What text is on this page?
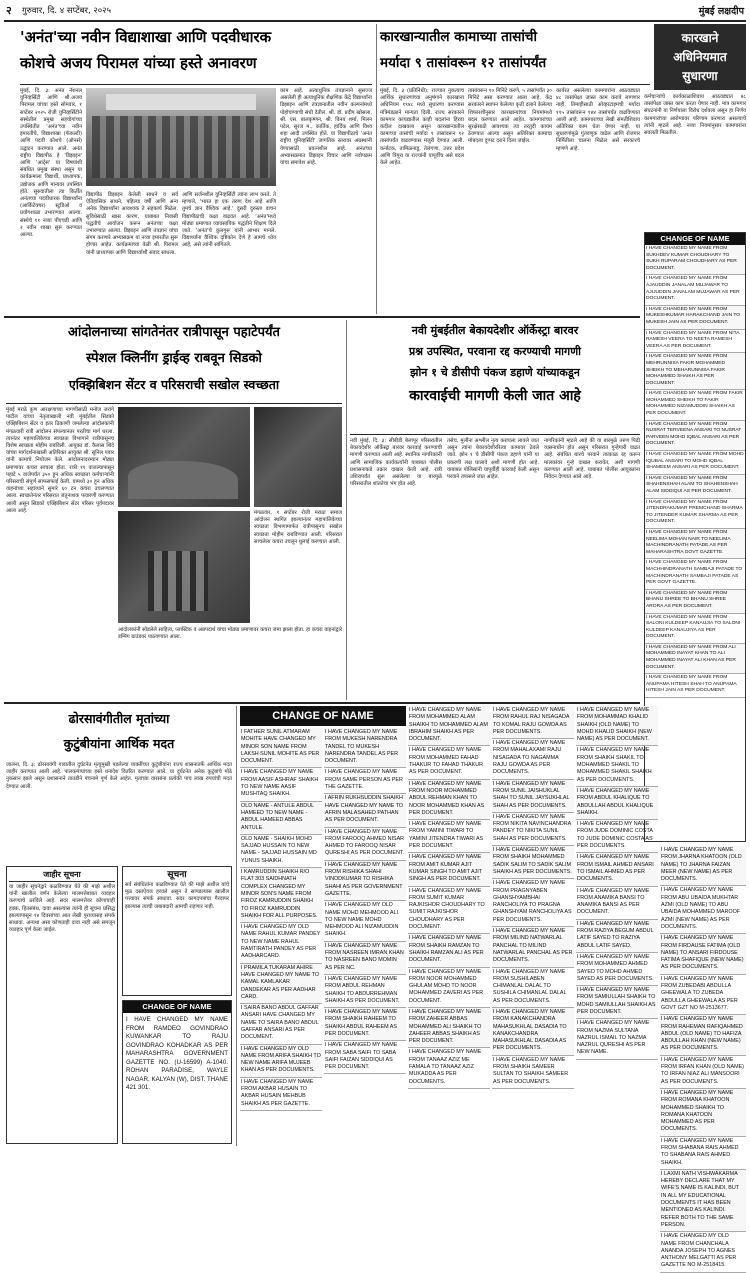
२ गुरुवार, दि. ४ सप्टेंबर, २०२५	मुंबई लक्षदीप
'अनंत'च्या नवीन विद्याशाखा आणि पदवीधारक
कोशचे अजय पिरामल यांच्या हस्ते अनावरण

मुंबई, दि. ३: अनंत नॅशनल युनिव्हर्सिटी आणि श्री.अजय पिरामल यांच्या हस्ते सोमवार, १ सप्टेंबर २०२५ रोजी युनिव्हर्सिटीने संस्थेतील प्रमुख सहयोगांच्या उपस्थितीत 'अनंत'च्या नवीन इमारतीचे, विद्याशाखा (फॅकल्टी) आणि पदवी कोशचे (ऑनर्स) उद्घाटन करण्यात आले. अनंत राष्ट्रीय विद्यापीठ हे 'डिझाइन' आणि 'आर्ट्स' या विषयांशी संबंधित प्रमुख संस्था असून या कार्यक्रमाला विद्यार्थी, प्राध्यापक, उद्योजक आणि मान्यवर उपस्थित होते. सुरुवातीला त्या किर्तीत अनंतच्या पदवीधारक विद्यार्थ्यांना (आर्किटेक्चर) स्टुडिओ व प्रयोगशाळा उभारण्यात आल्या. संस्थेचे ११ नव्या पीएचडी आणि २ नवीन शाखा सुरू करण्यात आल्या.

विद्यापीठ डिझाइन केलेली साधने व सर्व ऐतिहासिक साधने, पहिल्या वर्षी आणि अन्य अनेक विद्यार्थ्यांना आवश्यक ते सहकार्य मिळेल. सुविधेसाठी खास कारण, याबाबत निवासी पद्धतीचे आयोजन करून अनंतच्या कक्षा उभारण्यात आल्या. डिझाइन आणि तंत्रज्ञान यांचा संगम करणारे अभ्यासक्रम या नव्या इमारतीत सुरू होणार आहेत. कार्यक्रमाच्या वेळी श्री. पिरामल यांनी प्राध्यापक आणि विद्यार्थ्यांशी संवाद साधला.

आणि सर्जनशील युनिव्हर्सिटी त्यांना लाभ करते. ते म्हणाले, 'भारत हा एक तरुण देश आहे आणि तुमचे ज्ञान वैश्विक आहे.' दुसरी दुरुस्ता वाचन विद्यापीठाची कक्षा वाढवत आहे. 'अनंत'मध्ये मोठ्या प्रमाणात व्यावसायिक पद्धतीने शिक्षण दिले जाते. 'अनंत'चे कुलगुरू यांनी आभार मानले. विद्यार्थ्यांना वैश्विक दृष्टिकोन देणे हे आमचे ध्येय आहे, असे त्यांनी सांगितले.

काम आहे. अत्याधुनिक तंत्रज्ञानाने सुसज्ज असलेली ही अत्याधुनिक शैक्षणिक केंद्रे विद्यार्थ्यांना डिझाइन आणि तंत्रज्ञानातील नवीन कल्पनांमध्ये पोहोचण्याची संधी देतील. श्री. डॉ. प्रदीप खोसला, श्री. एस. बालकृष्णन, श्री. विनय शर्मा, मिलन पटेल, सुरज म., कार्तिक, हार्दिक आणि विश्व शहा आदी उपस्थित होते. या विद्यापीठाचे 'अनंत राष्ट्रीय युनिव्हर्सिटी' जागतिक स्तरावर अग्रस्थानी येण्यासाठी प्रयत्नशील आहे. अनंतच्या अभ्यासक्रमात डिझाइन विचार आणि नवोपक्रम यांचा समावेश आहे.

कारखान्यातील कामाच्या तासांची
मर्यादा ९ तासांवरून १२ तासांपर्यंत
कारखाने
अधिनियमात
सुधारणा

मुंबई, दि. ३ (प्रतिनिधी): राज्यात नुकत्याच आर्थिक सुधारणांच्या अनुषंगाने कारखाना अधिनियम १९४८ मध्ये सुधारणा करण्यास मंत्रिमंडळाने मान्यता दिली. राज्य सरकारने कामगार कायद्यातील काही बदलांना हिरवा कंदील दाखवला असून कारखान्यातील कामाच्या तासांची मर्यादा ९ तासांवरून १२ तासांपर्यंत वाढवण्यास मंजुरी देण्यात आली. कर्नाटक, तामिळनाडू, तेलंगणा, उत्तर प्रदेश आणि त्रिपुरा या राज्यांनी यापूर्वीच असे बदल केले आहेत.

तासांवरून १० मिनिटे करणे, ५ तासांपर्यंत ३० मिनिटे असा करण्यात आला आहे. केंद्र सरकारने स्थापन केलेल्या कृती दलाने केलेल्या शिफारशीनुसार कारखान्यांच्या नियमांमध्ये बदल करण्यात आले आहेत. कामगारांच्या सुरक्षेसाठी आवश्यक त्या तरतुदी कायम ठेवण्यात आल्या असून अतिरिक्त कामाचा मोबदला दुप्पट दराने दिला जाईल.

कार्यरत असलेल्या कामगारांना आठवड्यात ४८ तासांपेक्षा जास्त काम करावे लागणार नाही. तिमाहीसाठी ओव्हरटाइमची मर्यादा ११५ तासांवरून १४४ तासांपर्यंत वाढविण्यात आली आहे. कामगाराच्या लेखी संमतीशिवाय अतिरिक्त काम घेता येणार नाही. या सुधारणांमुळे गुंतवणूक वाढेल आणि रोजगार निर्मितीला चालना मिळेल असे सरकारचे म्हणणे आहे.

कर्मचाऱ्यांचे कार्यकाळाशिवाय आठवड्यात ४८ तासांपेक्षा जास्त काम करता येणार नाही. मात्र कामगार संघटनांनी या निर्णयाला विरोध दर्शवला असून हा निर्णय कामगारांच्या आरोग्यावर परिणाम करणारा असल्याचे त्यांनी म्हटले आहे. नव्या नियमांनुसार कामगारांना सवलती मिळतील.

CHANGE OF NAME

I HAVE CHANGED MY NAME FROM SUKHDEV KUMAR CHOUDHARY TO SUKH RUPARAM CHOUDHARY AS PER DOCUMENT.

I HAVE CHANGED MY NAME FROM AJAUDDIN JANALAM MUJAWAR TO AJIJUDDIN JANALAM MUJAWAR AS PER DOCUMENT.

I HAVE CHANGED MY NAME FROM MUKESHKUMAR HARAKCHAND JAIN TO MUKESH JAIN AS PER DOCUMENT.

I HAVE CHANGED MY NAME FROM NITA RAMESH VEERA TO NEETA RAMESH VEERA AS PER DOCUMENT.

I HAVE CHANGED MY NAME FROM MEHRUNNISA FAKIR MOHAMMED SHEIKH TO MEHARUNNISA FAKIR MOHAMMED SHAIKH AS PER DOCUMENT.

I HAVE CHANGED MY NAME FROM FAKIR MOHAMMED SHEIKH TO FAKIR MOHAMMED NIZAMUDDIN SHAIKH AS PER DOCUMENT.

I HAVE CHANGED MY NAME FROM NUSRAT TERVEENA ANSARI TO NUSRAT PARVEEN MOHD IQBAL ANSARI AS PER DOCUMENT.

I HAVE CHANGED MY NAME FROM MOHD IQUBAL ANSARI TO MOHD IQBAL SHAMEEM ANSARI AS PER DOCUMENT.

I HAVE CHANGED MY NAME FROM SHAHENSHAH ALAM TO SHAHENSHAH ALAM SIDDIQUI AS PER DOCUMENT.

I HAVE CHANGED MY NAME FROM JITENDRAKUMAR PREMCHAND SHARMA TO JITENDER KUMAR SHARMA AS PER DOCUMENT.

I HAVE CHANGED MY NAME FROM NEELIMA MOHAN NAIR TO NEELIMA MACHINDRANATH PATADE AS PER MAHARASHTRA GOVT GAZETTE.

I HAVE CHANGED MY NAME FROM MACHHINDRANATH SAMBAJI PATADE TO MACHINDRANATH SAMBAJI PATADE AS PER GOVT GAZETTE.

I HAVE CHANGED MY NAME FROM BHANU SHREE TO BHANU SHREE ARORA AS PER DOCUMENT.

I HAVE CHANGED MY NAME FROM SALONI KULDEEP KANAUJIA TO SALONI KULDEEP KANAUJIYA AS PER DOCUMENT.

I HAVE CHANGED MY NAME FROM ALI MOHAMMED INAYAT KHAN TO ALI MOHAMMED INAYAT ALI KHAN AS PER DOCUMENT.

I HAVE CHANGED MY NAME FROM ANUPAMA HITESH SHAH TO ANUPAMA HITESH JAIN AS PER DOCUMENT.

आंदोलनाच्या सांगतेनंतर रात्रीपासून पहाटेपर्यंत
स्पेशल क्लिनींग ड्राईव्ह राबवून सिडको
एक्झिबिशन सेंटर व परिसराची सखोल स्वच्छता

मुंबई मराठे कुण आरक्षणाच्या मागणीसाठी मनोज जरांगे पाटील यांच्या नेतृत्वाखाली नवी मुंबईतील सिडको एक्झिबिशन सेंटर व इतर ठिकाणी जमलेल्या आंदोलकांनी मंगळवारी रात्री आंदोलन संपल्यानंतर परतीचा मार्ग धरला. त्यानंतर महापालिकेच्या स्वच्छता विभागाने रात्रीपासूनच विशेष स्वच्छता मोहीम राबविली. आयुक्त डॉ. कैलास शिंदे यांच्या मार्गदर्शनाखाली अतिरिक्त आयुक्त श्री. सुनिल पवार यांनी कामाचे नियोजन केले. आंदोलनादरम्यान मोठ्या प्रमाणावर कचरा साचला होता. रात्री ११ वाजल्यापासून पहाटे ५ वाजेपर्यंत ३५० हून अधिक स्वच्छता कर्मचाऱ्यांनी परिसराची संपूर्ण साफसफाई केली. यामध्ये ३० हून अधिक वाहनांच्या सहाय्याने सुमारे ६० टन कचरा उचलण्यात आला. स्वच्छतेनंतर परिसरात जंतुनाशक फवारणी करण्यात आली असून सिडको एक्झिबिशन सेंटर परिसर पूर्वपदावर आला आहे.	मंगळवार, १ सप्टेंबर रोजी मराठा समाज आंदोलन स्थगित झाल्यानंतर महापालिकेच्या स्वच्छता विभागामार्फत रात्रीपासूनच सखोल स्वच्छता मोहीम राबविण्यात आली. परिसरात साचलेला कचरा उचलून धुलाई करण्यात आली.

आंदोलकांनी सोडलेले साहित्य, प्लास्टिक व अन्नपदार्थ यांचा मोठ्या प्रमाणावर कचरा जमा झाला होता. हा कचरा वाहनांद्वारे डम्पिंग ग्राउंडवर पाठवण्यात आला.

नवी मुंबईतील बेकायदेशीर ऑर्केस्ट्रा बारवर
प्रश्न उपस्थित, परवाना रद्द करण्याची मागणी
झोन १ चे डीसीपी पंकज डहाणे यांच्याकडून
कारवाईची मागणी केली जात आहे

नवी मुंबई, दि. ३: सीबीडी बेलापूर परिसरातील बेकायदेशीर ऑर्केस्ट्रा बारवर कारवाई करण्याची मागणी करण्यात आली आहे. स्थानिक नागरिकांनी आणि सामाजिक कार्यकर्त्यांनी याबाबत पोलीस प्रशासनाकडे तक्रार दाखल केली आहे. रात्री उशिरापर्यंत सुरू असलेल्या या बारमुळे परिसरातील शांततेचा भंग होत आहे.

तसेच, मुलींना अश्लील नृत्य करायला लावले जात असून त्यांना बेकायदेशीररित्या कामावर ठेवले जाते. झोन १ चे डीसीपी पंकज डहाणे यांनी या प्रकरणी लक्ष घालावे अशी मागणी होत आहे. याबाबत पोलिसांनी यापूर्वीही कारवाई केली असून परवाने तपासले जात आहेत.

नागरिकांनी म्हटले आहे की या बारमुळे तरुण पिढी व्यसनाधीन होत असून परिसरात गुन्हेगारी वाढत आहे. संबंधित बारचे परवाने तात्काळ रद्द करून मालकांवर गुन्हे दाखल करावेत, अशी मागणी करण्यात आली आहे. याबाबत पोलीस आयुक्तांना निवेदन देण्यात आले आहे.

ढोरसावंगीतील मृतांच्या
कुटुंबीयांना आर्थिक मदत

जालना, दि. ३: ढोरसावंगी गावातील दुर्घटनेत मृत्युमुखी पडलेल्या व्यक्तींच्या कुटुंबीयांना राज्य शासनातर्फे आर्थिक मदत जाहीर करण्यात आली आहे. पालकमंत्र्यांच्या हस्ते धनादेश वितरित करण्यात आले. या दुर्घटनेत अनेक कुटुंबांचे मोठे नुकसान झाले असून प्रशासनाने तातडीने पंचनामे पूर्ण केले आहेत. मृतांच्या वारसांना प्रत्येकी पाच लाख रुपयांची मदत देण्यात आली.

जाहीर सूचना

या जाहीर सूचनेद्वारे कळविण्यात येते की माझे अशील यांनी खालील वर्णन केलेल्या मालमत्तेबाबत व्यवहार करण्याचे ठरविले आहे. सदर मालमत्तेवर कोणाचाही हक्क, हितसंबंध, दावा असल्यास त्यांनी ही सूचना प्रसिद्ध झाल्यापासून १४ दिवसांच्या आत लेखी पुराव्यासह संपर्क साधावा. अन्यथा असा कोणताही दावा नाही असे समजून व्यवहार पूर्ण केला जाईल.

सूचना

सर्व संबंधितांना कळविण्यात येते की माझे अशील यांचे मूळ दस्तऐवज हरवले असून ते सापडल्यास खालील पत्त्यावर संपर्क साधावा. सदर कागदपत्रांचा गैरवापर झाल्यास त्याची जबाबदारी आमची राहणार नाही.

CHANGE OF NAME

I HAVE CHANGED MY NAME FROM RAMDEO GOVINDRAO KUWANKAR TO RAJU GOVINDRAO KOHADKAR AS PER MAHARASHTRA GOVERNMENT GAZETTE NO. (U-16599) A-1040. ROHAN PARADISE, WAYLE NAGAR, KALYAN (W), DIST. THANE 421 301.

CHANGE OF NAME

I FATHER SUNIL ATMARAM MOHITE HAVE CHANGED MY MINOR SON NAME FROM LAKSH SUNIL MOHITE AS PER DOCUMENT.

I HAVE CHANGED MY NAME FROM AASIF ASHRAF SHAIKH TO NEW NAME AASIF MUSHTAQ SHAIKH.

OLD NAME - ANTULE ABDUL HAMEED TO NEW NAME - ABDUL HAMEED ABBAS ANTULE.

OLD NAME - SHAIKH MOHD SAJJAD HUSSAIN TO NEW NAME - SAJJAD HUSSAIN MD YUNUS SHAIKH.

I KAMRUDDIN SHAIKH R/O FLAT 303 SAIDHNATH COMPLEX CHANGED MY MINOR SON'S NAME FROM FIROZ KAMRUDDIN SHAIKH TO FIROZ KAMRUDDIN SHAIKH FOR ALL PURPOSES.

I HAVE CHANGED MY OLD NAME RAHUL KUMAR PANDEY TO NEW NAME RAHUL RAMTIRATH PANDEY AS PER AADHARCARD.

I PRAMILA TUKARAM AHIRE HAVE CHANGED MY NAME TO KAMAL KAMLAKAR DANDEKAR AS PER AADHAR CARD.

I SAIRA BANO ABDUL GAFFAR ANSARI HAVE CHANGED MY NAME TO SAIRA BANO ABDUL GAFFAR ANSARI AS PER DOCUMENT.

I HAVE CHANGED MY OLD NAME FROM ARIFA SHAIKH TO NEW NAME ARIFA MUJEEB KHAN AS PER DOCUMENTS.

I HAVE CHANGED MY NAME FROM AKBAR HUSAIN TO AKBAR HUSAIN MEHBUB SHAIKH AS PER GAZETTE.

I HAVE CHANGED MY NAME FROM MUKESH NARENDRA TANDEL TO MUKESH NARENDRA TANDEL AS PER DOCUMENT.

I HAVE CHANGED MY NAME FROM SAME PERSON AS PER THE GAZETTE.

I AFRIN RUKHSUDDIN SHAIKH HAVE CHANGED MY NAME TO AFRIN MALASAHED PATHAN AS PER DOCUMENT.

I HAVE CHANGED MY NAME FROM FAROOQ AHMED NISAR AHMED TO FAROOQ NISAR QURESHI AS PER DOCUMENT.

I HAVE CHANGED MY NAME FROM RISHIKA SHAHI VINODKUMAR TO RISHIKA SHAHI AS PER GOVERNMENT GAZETTE.

I HAVE CHANGED MY OLD NAME MOHD MEHMOOD ALI TO NEW NAME MOHD MEHMOOD ALI NIZAMUDDIN SHAIKH.

I HAVE CHANGED MY NAME FROM NASREEN IMRAN KHAN TO NASREEN BANO MOMIN AS PER NC.

I HAVE CHANGED MY NAME FROM ABDUL REHMAN SHAIKH TO ABDURREHMAN SHAIKH AS PER DOCUMENT.

I HAVE CHANGED MY NAME FROM SHAIKH RAHEEM TO SHAIKH ABDUL RAHEEM AS PER DOCUMENT.

I HAVE CHANGED MY NAME FROM SABA SAIFI TO SABA SAIFI FAIZAN SIDDIQUI AS PER DOCUMENT.

I HAVE CHANGED MY NAME FROM MOHAMMED ALAM SHAIKH TO MOHAMMED ALAM IBRAHIM SHAIKH AS PER DOCUMENT.

I HAVE CHANGED MY NAME FROM MOHAMMED FAHAD THAKUR TO FAHAD THAKUR AS PER DOCUMENT.

I HAVE CHANGED MY NAME FROM NOOR MOHAMMED ABDUL REHMAN KHAN TO NOOR MOHAMMED KHAN AS PER DOCUMENT.

I HAVE CHANGED MY NAME FROM YAMINI TIWARI TO YAMINI JITENDRA TIWARI AS PER DOCUMENT.

I HAVE CHANGED MY NAME FROM AMIT KUMAR AJIT KUMAR SINGH TO AMIT AJIT SINGH AS PER DOCUMENT.

I HAVE CHANGED MY NAME FROM SUMIT KUMAR RAJKISHOR CHOUDHARY TO SUMIT RAJKISHOR CHOUDHARY AS PER DOCUMENT.

I HAVE CHANGED MY NAME FROM SHAIKH RAMZAN TO SHAIKH RAMZAN ALI AS PER DOCUMENT.

I HAVE CHANGED MY NAME FROM NOOR MOHAMMED GHULAM MOHD TO NOOR MOHAMMED ZAVERI AS PER DOCUMENT.

I HAVE CHANGED MY NAME FROM ZAHEER ABBAS MOHAMMED ALI SHAIKH TO ZAHEER ABBAS SHAIKH AS PER DOCUMENT.

I HAVE CHANGED MY NAME FROM TANAAZ AZIZ ME FAMALA TO TANAAZ AZIZ MUKADDA AS PER DOCUMENTS.

I HAVE CHANGED MY NAME FROM RAHUL RAJ NISAGADA TO KOMAL RAJU GOWDA AS PER DOCUMENTS.

I HAVE CHANGED MY NAME FROM MAHALAXAMI RAJU NISAGADA TO NAGAMMA RAJU GOWDA AS PER DOCUMENTS.

I HAVE CHANGED MY NAME FROM SUNIL JAISHUKLAL SHAH TO SUNIL JAYSUKHLAL SHAH AS PER DOCUMENTS.

I HAVE CHANGED MY NAME FROM NIKITA NAVINCHANDRA PANDEY TO NIKITA SUNIL SHAH AS PER DOCUMENTS.

I HAVE CHANGED MY NAME FROM SHAIKH MOHAMMED SADIK SALIM TO SADIK SALIM SHAIKH AS PER DOCUMENTS.

I HAVE CHANGED MY NAME FROM PRAGNYABEN GHANSHYAMBHAI RANCHOLIYA TO PRAGNA GHANSHYAM RANCHOLIYA AS PER DOCUMENTS.

I HAVE CHANGED MY NAME FROM MILIND NATWARLAL PANCHAL TO MILIND NATWARLAL PANCHAL AS PER DOCUMENTS.

I HAVE CHANGED MY NAME FROM SUSHILABEN CHIMANLAL DALAL TO SUSHILA CHIMANLAL DALAL AS PER DOCUMENTS.

I HAVE CHANGED MY NAME FROM KANAKCHANDRA MAHASUKHLAL DASADIA TO KANAKCHANDRA MAHASUKHLAL DASADIA AS PER DOCUMENTS.

I HAVE CHANGED MY NAME FROM SHAIKH SAMEER SULTAN TO SHAIKH SAMEER AS PER DOCUMENTS.

I HAVE CHANGED MY NAME FROM MOHAMMAD KHALID SHAIKH (OLD NAME) TO MOHD KHALID SHAIKH (NEW NAME) AS PER DOCUMENT.

I HAVE CHANGED MY NAME FROM SHAIKH SHAKIL TO MOHAMMED SHAKIL TO MOHAMMED SHAKIL SHAIKH AS PER DOCUMENTS.

I HAVE CHANGED MY NAME FROM ABDUL KHALIQUE TO ABDULLAH ABDUL KHALIQUE SHAIKH.

I HAVE CHANGED MY NAME FROM JUDE DOMINIC COSTA TO JUDE DOMINIC COSTA AS PER DOCUMENTS.

I HAVE CHANGED MY NAME FROM ISMAIL AHMED ANSARI TO ISMAIL AHMED AS PER DOCUMENTS.

I HAVE CHANGED MY NAME FROM ANAMIKA BANSI TO ANAMIKA BANSI AS PER DOCUMENT.

I HAVE CHANGED MY NAME FROM RAZIYA BEGUM ABDUL LATIF SAYED TO RAZIYA ABDUL LATIF SAYED.

I HAVE CHANGED MY NAME FROM MOHAMMED AHMED SAYED TO MOHD AHMED SAYED AS PER DOCUMENTS.

I HAVE CHANGED MY NAME FROM SAMIULLAH SHAIKH TO MOHD SAMIULLAH SHAIKH AS PER DOCUMENT.

I HAVE CHANGED MY NAME FROM NAZMA SULTANA NAZRUL ISMAIL TO NAZMA NAZRUL QURESHI AS PER NEW NAME.

I HAVE CHANGED MY NAME FROM JHARNA KHATOON (OLD NAME) TO JHARNA FAIZAN MEER (NEW NAME) AS PER DOCUMENTS.

I HAVE CHANGED MY NAME FROM ABU UBAIDA MUKHTAR AZMI (OLD NAME) TO ABU UBAIDA MOHAMMED MAROOF AZMI (NEW NAME) AS PER DOCUMENTS.

I HAVE CHANGED MY NAME FROM FIRDAUSE FATIMA (OLD NAME) TO ANSARI FIRDOUSE FATIMA SHAFIQUE (NEW NAME) AS PER DOCUMENTS.

I HAVE CHANGED MY NAME FROM ZUBEDABI ABDULLA GHEEWALA TO ZUBEDA ABDULLA GHEEWALA AS PER GOVT GZT NO M-2513677.

I HAVE CHANGED MY NAME FROM RAHEMAN RAFIQAHMED ABDUL (OLD NAME) TO HAFIZA ABDULLAH KHAN (NEW NAME) AS PER DOCUMENTS.

I HAVE CHANGED MY NAME FROM IRFAN KHAN (OLD NAME) TO IRFAN NIAZ ALI MANSOORI AS PER DOCUMENTS.

I HAVE CHANGED MY NAME FROM ROMANA KHATOON MOHAMMED SHAIKH TO ROMANA KHATOON MOHAMMED AS PER DOCUMENTS.

I HAVE CHANGED MY NAME FROM SHABANA RAIS AHMED TO SHABANA RAIS AHMED SHAIKH.

I LAXMI NATH VISHWAKARMA HEREBY DECLARE THAT MY WIFE'S NAME IS KALINDI, BUT IN ALL MY EDUCATIONAL DOCUMENTS IT HAS BEEN MENTIONED AS KALINDI. REFER BOTH TO THE SAME PERSON.

I HAVE CHANGED MY OLD NAME FROM CHANCHALA ANANDA JOSEPH TO AGNES ANTHONY MELGATTI AS PER GAZETTE NO M-2518415.
